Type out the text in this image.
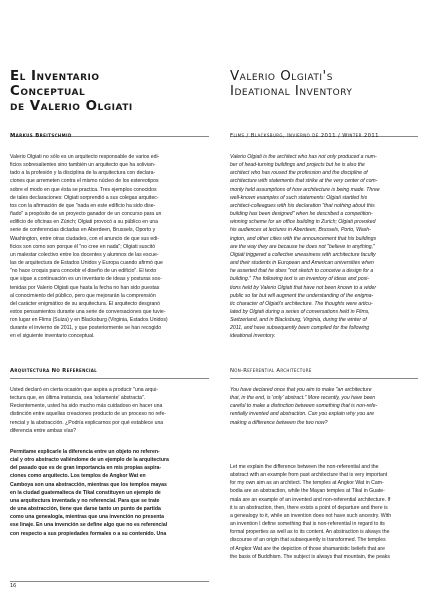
El Inventario
Conceptual
de Valerio Olgiati
Valerio Olgiati's
Ideational Inventory
Markus Breitschmid	Flims / Blacksburg, Invierno de 2011 / Winter 2011
Valerio Olgiati no sólo es un arquitecto responsable de varios edi-
ficios sobresalientes sino también un arquitecto que ha solivian-
tado a la profesión y la disciplina de la arquitectura con declara-
ciones que arremeten contra el mismo núcleo de los estereotipos
sobre el modo en que ésta se practica. Tres ejemplos conocidos
de tales declaraciones: Olgiati sorprendió a sus colegas arquitec-
tos con la afirmación de que "nada en este edificio ha sido dise-
ñado" a propósito de un proyecto ganador de un concurso para un
edificio de oficinas en Zúrich; Olgiati provocó a su público en una
serie de conferencias dictadas en Aberdeen, Brussels, Oporto y
Washington, entre otras ciudades, con el anuncio de que sus edi-
ficios son como son porque él "no cree en nada"; Olgiati suscitó
un malestar colectivo entre los docentes y alumnos de las escue-
las de arquitectura de Estados Unidos y Europa cuando afirmó que
"no hace croquis para concebir el diseño de un edificio". El texto
que sigue a continuación es un inventario de ideas y posturas sos-
tenidas por Valerio Olgiati que hasta la fecha no han sido puestas
al conocimiento del público, pero que mejorarán la comprensión
del carácter enigmático de su arquitectura. El arquitecto desgranó
estos pensamientos durante una serie de conversaciones que tuvie-
ron lugar en Flims (Suiza) y en Blacksburg (Virginia, Estados Unidos)
durante el invierno de 2011, y que posteriormente se han recogido
en el siguiente inventario conceptual.
Valerio Olgiati is the architect who has not only produced a num-
ber of head-turning buildings and projects but he is also the
architect who has roused the profession and the discipline of
architecture with statements that strike at the very center of com-
monly held assumptions of how architecture is being made. Three
well-known examples of such statements: Olgiati startled his
architect-colleagues with his declaration "that nothing about this
building has been designed" when he described a competition-
winning scheme for an office building in Zurich; Olgiati provoked
his audiences at lectures in Aberdeen, Brussels, Porto, Wash-
ington, and other cities with the announcement that his buildings
are the way they are because he does not "believe in anything,"
Olgiati triggered a collective uneasiness with architecture faculty
and their students in European and American universities when
he asserted that he does "not sketch to conceive a design for a
building." The following text is an inventory of ideas and posi-
tions held by Valerio Olgiati that have not been known to a wider
public so far but will augment the understanding of the enigma-
tic character of Olgiati's architecture. The thoughts were articu-
lated by Olgiati during a series of conversations held in Flims,
Switzerland, and in Blacksburg, Virginia, during the winter of
2011, and have subsequently been compiled for the following
ideational inventory.
Arquitectura No Referencial	Non-Referential Architecture
Usted declaró en cierta ocasión que aspira a producir "una arqui-
tectura que, en última instancia, sea 'solamente' abstracta".
Recientemente, usted ha sido mucho más cuidadoso en hacer una
distinción entre aquellas creaciones producto de un proceso no refe-
rencial y la abstracción. ¿Podría explicarnos por qué establece una
diferencia entre ambas vías?
You have declared once that you aim to make "an architecture
that, in the end, is 'only' abstract." More recently, you have been
careful to make a distinction between something that is non-refe-
rentially invented and abstraction. Can you explain why you are
making a difference between the two now?
Permítame explicarle la diferencia entre un objeto no referen-
cial y otro abstracto valiéndome de un ejemplo de la arquitectura
del pasado que es de gran importancia en mis propias aspira-
ciones como arquitecto. Los templos de Angkor Wat en
Camboya son una abstracción, mientras que los templos mayas
en la ciudad guatemalteca de Tikal constituyen un ejemplo de
una arquitectura inventada y no referencial. Para que se trate
de una abstracción, tiene que darse tanto un punto de partida
como una genealogía, mientras que una invención no presenta
ese linaje. En una invención se define algo que no es referencial
con respecto a sus propiedades formales o a su contenido. Una
Let me explain the difference between the non-referential and the
abstract with an example from past architecture that is very important
for my own aim as an architect. The temples at Angkor Wat in Cam-
bodia are an abstraction, while the Mayan temples at Tikal in Guate-
mala are an example of an invented and non-referential architecture. If
it is an abstraction, then, there exists a point of departure and there is
a genealogy to it, while an invention does not have such ancestry. With
an invention I define something that is non-referential in regard to its
formal properties as well as to its content. An abstraction is always the
discourse of an origin that subsequently is transformed. The temples
of Angkor Wat are the depiction of those shamanistic beliefs that are
the basis of Buddhism. The subject is always that mountain, the peaks
16
